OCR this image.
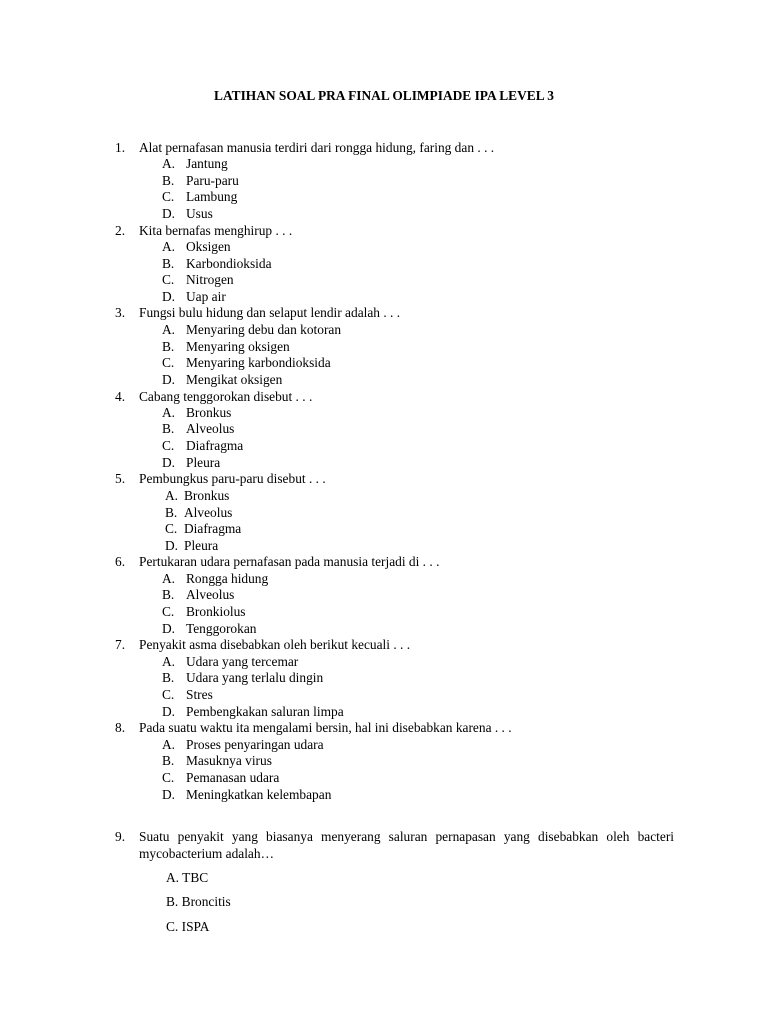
LATIHAN SOAL PRA FINAL OLIMPIADE IPA LEVEL 3
1. Alat pernafasan manusia terdiri dari rongga hidung, faring dan . . .
A. Jantung
B. Paru-paru
C. Lambung
D. Usus
2. Kita bernafas menghirup . . .
A. Oksigen
B. Karbondioksida
C. Nitrogen
D. Uap air
3. Fungsi bulu hidung dan selaput lendir adalah . . .
A. Menyaring debu dan kotoran
B. Menyaring oksigen
C. Menyaring karbondioksida
D. Mengikat oksigen
4. Cabang tenggorokan disebut . . .
A. Bronkus
B. Alveolus
C. Diafragma
D. Pleura
5. Pembungkus paru-paru disebut . . .
A. Bronkus
B. Alveolus
C. Diafragma
D. Pleura
6. Pertukaran udara pernafasan pada manusia terjadi di . . .
A. Rongga hidung
B. Alveolus
C. Bronkiolus
D. Tenggorokan
7. Penyakit asma disebabkan oleh berikut kecuali . . .
A. Udara yang tercemar
B. Udara yang terlalu dingin
C. Stres
D. Pembengkakan saluran limpa
8. Pada suatu waktu ita mengalami bersin, hal ini disebabkan karena . . .
A. Proses penyaringan udara
B. Masuknya virus
C. Pemanasan udara
D. Meningkatkan kelembapan
9. Suatu penyakit yang biasanya menyerang saluran pernapasan yang disebabkan oleh bacteri mycobacterium adalah…
A. TBC
B. Broncitis
C. ISPA
